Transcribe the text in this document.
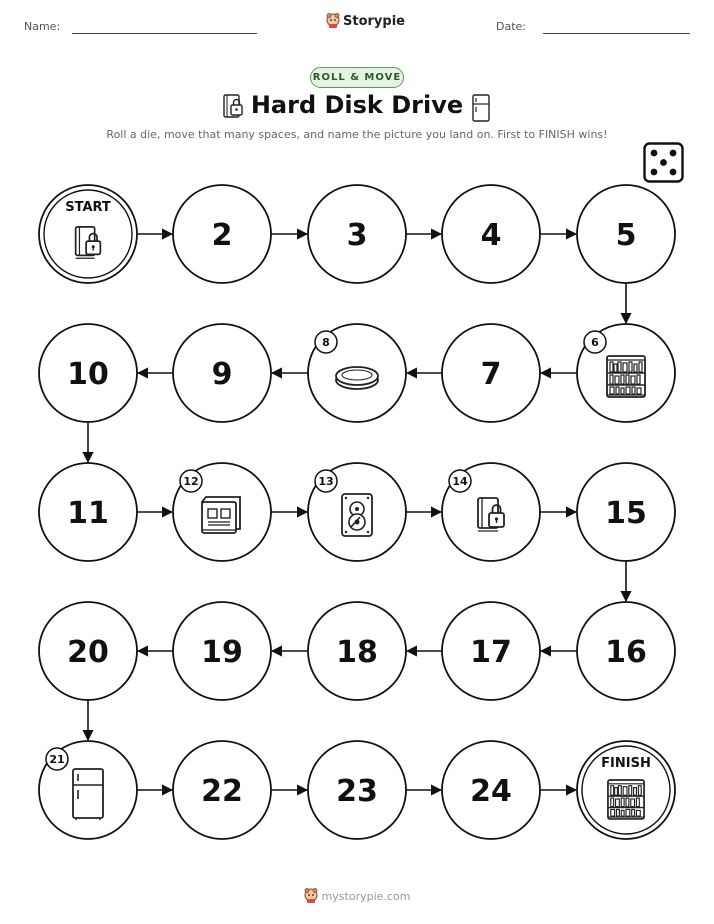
Name:	Storypie	Date:
ROLL & MOVE
Hard Disk Drive
Roll a die, move that many spaces, and name the picture you land on. First to FINISH wins!
START
2	3	4	5
6
7
8
9
10
11
12	13	14
15
16
17
18
19
20
21
22	23	24
FINISH
mystorypie.com
